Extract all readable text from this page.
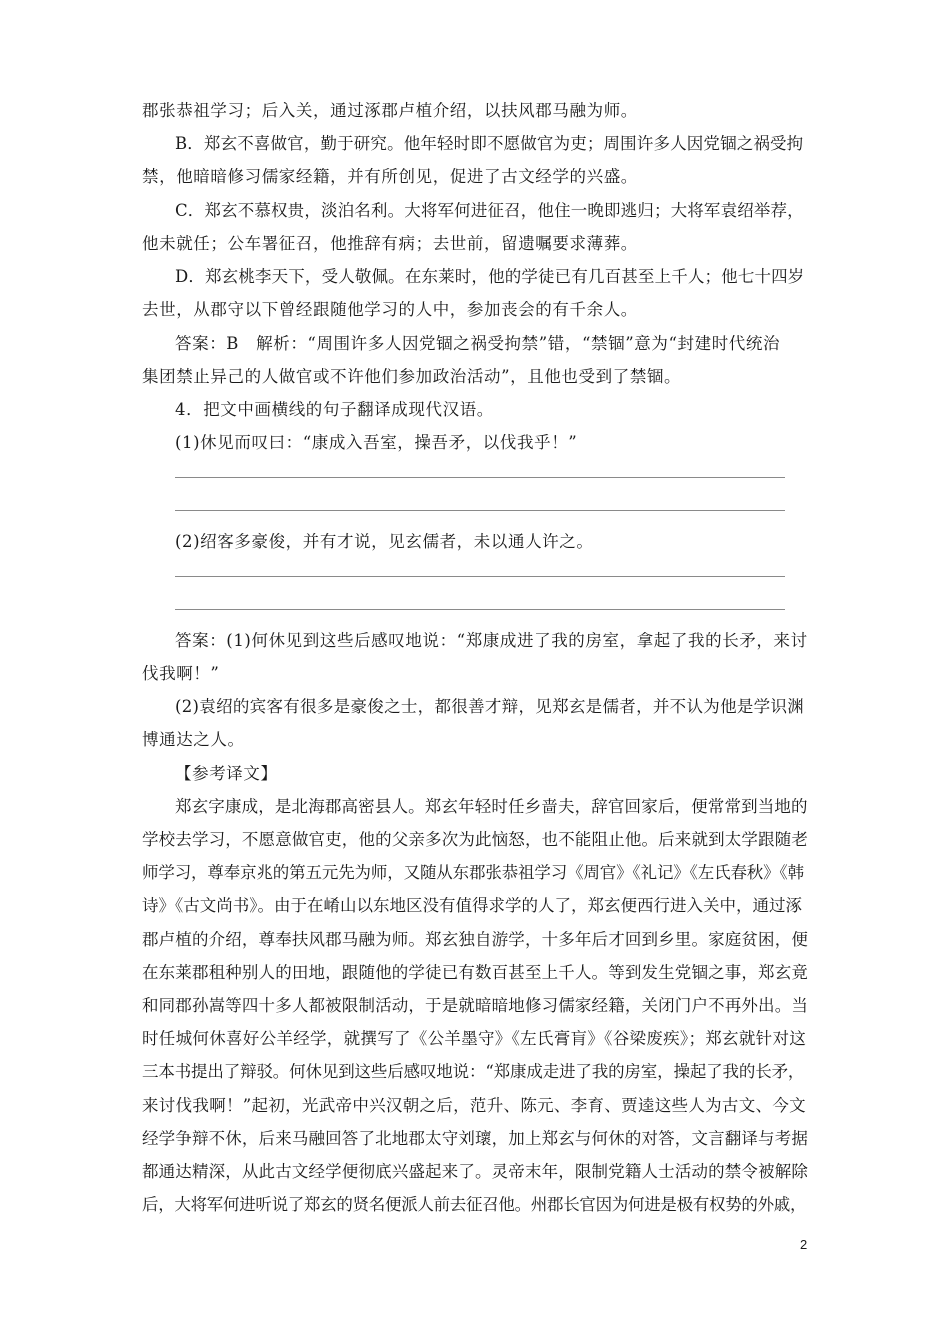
郡张恭祖学习；后入关，通过涿郡卢植介绍，以扶风郡马融为师。
B．郑玄不喜做官，勤于研究。他年轻时即不愿做官为吏；周围许多人因党锢之祸受拘
禁，他暗暗修习儒家经籍，并有所创见，促进了古文经学的兴盛。
C．郑玄不慕权贵，淡泊名利。大将军何进征召，他住一晚即逃归；大将军袁绍举荐，
他未就任；公车署征召，他推辞有病；去世前，留遗嘱要求薄葬。
D．郑玄桃李天下，受人敬佩。在东莱时，他的学徒已有几百甚至上千人；他七十四岁
去世，从郡守以下曾经跟随他学习的人中，参加丧会的有千余人。
答案：B　解析：“周围许多人因党锢之祸受拘禁”错，“禁锢”意为“封建时代统治
集团禁止异己的人做官或不许他们参加政治活动”，且他也受到了禁锢。
4．把文中画横线的句子翻译成现代汉语。
(1)休见而叹曰：“康成入吾室，操吾矛，以伐我乎！”
(2)绍客多豪俊，并有才说，见玄儒者，未以通人许之。
答案：(1)何休见到这些后感叹地说：“郑康成进了我的房室，拿起了我的长矛，来讨
伐我啊！”
(2)袁绍的宾客有很多是豪俊之士，都很善才辩，见郑玄是儒者，并不认为他是学识渊
博通达之人。
【参考译文】
郑玄字康成，是北海郡高密县人。郑玄年轻时任乡啬夫，辞官回家后，便常常到当地的
学校去学习，不愿意做官吏，他的父亲多次为此恼怒，也不能阻止他。后来就到太学跟随老
师学习，尊奉京兆的第五元先为师，又随从东郡张恭祖学习《周官》《礼记》《左氏春秋》《韩
诗》《古文尚书》。由于在崤山以东地区没有值得求学的人了，郑玄便西行进入关中，通过涿
郡卢植的介绍，尊奉扶风郡马融为师。郑玄独自游学，十多年后才回到乡里。家庭贫困，便
在东莱郡租种别人的田地，跟随他的学徒已有数百甚至上千人。等到发生党锢之事，郑玄竟
和同郡孙嵩等四十多人都被限制活动，于是就暗暗地修习儒家经籍，关闭门户不再外出。当
时任城何休喜好公羊经学，就撰写了《公羊墨守》《左氏膏肓》《谷梁废疾》；郑玄就针对这
三本书提出了辩驳。何休见到这些后感叹地说：“郑康成走进了我的房室，操起了我的长矛，
来讨伐我啊！”起初，光武帝中兴汉朝之后，范升、陈元、李育、贾逵这些人为古文、今文
经学争辩不休，后来马融回答了北地郡太守刘瓌，加上郑玄与何休的对答，文言翻译与考据
都通达精深，从此古文经学便彻底兴盛起来了。灵帝末年，限制党籍人士活动的禁令被解除
后，大将军何进听说了郑玄的贤名便派人前去征召他。州郡长官因为何进是极有权势的外戚，
2
